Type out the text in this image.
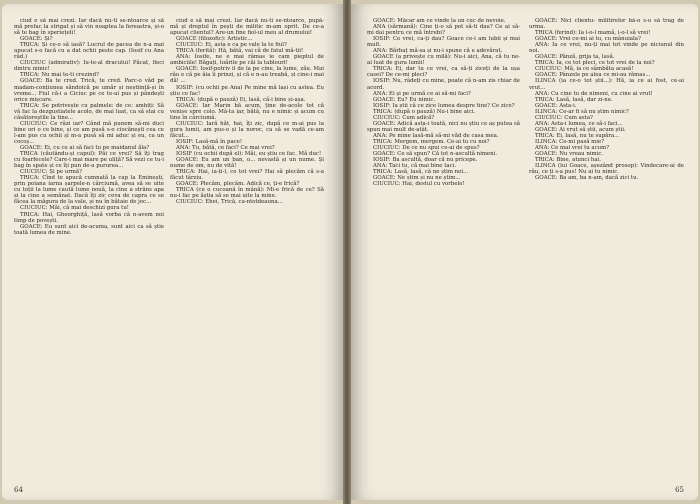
ciud e să mai crezi. Iar dacă nu-ti se-ntoarce și să mă prefac la strigat și să vin noaptea la fereastra, și-o să te bag în speriețeli!

GOACE: Și?

TRICA: Și ce-o să iasă? Lucrul de pacea de n-a mai apucat s-o facă cu a dat ochii peste cap. (Iosif cu Ana râd.)

CIUCIUC (admirativ): Iu-te-al dracului! Păcat, fleci dintru nimic!

TRICA: Nu mai te-ti crezind?

GOACE: Ba te cred. Trică, te cred. Parc-o văd pe madam-conțiunea săndoică pe umăr și neștiință-și în vreme... Fiul că-i a Ciciuc pe ce te-ai pus și pândești orice mișcare.

TRICA: Se potrivește cu palmele: de ce: ambiți: Să vă fac la dezgustiatele acolo, de mai luat, ca să stai cu căsătoreștile la tine...

CIUCIUC: Ce râzi iar? Când mă punem să-mi duci bine ori o ce bine, și ce am pusă s-o ciocănești cea ce l-am pus cu ochii și m-a pusă să mi aduc și eu, ca un cocoș...

GOACE: Ei, cu ce ai să faci tu pe maidanul ăla?

TRICA (căutându-și capul): Păi ce vrei? Să îți trag cu foarfecele? Care-i mai mare pe uliță? Să vezi ce tu-i bag în spate și ce îți pun de-a pururea...

CIUCIUC: Și pe urmă?

TRICA: Cînd te apucă cumnată la cap la Eminești, prin poiana iarna șarpele-n cârciumă, avea să se uite cu toții la lume caută lume nouă, la cine a strâns apa și la cine a semănat. Dacă îți zic ceva de capra ce se făcea la măgura de la vale, și nu în bătaie de joc...

CIUCIUC: Măi, că mai deschizi gura tu!

TRICA: Hai, Gheorghiță, lasă vorba că n-avem noi timp de povești.

GOACE: Eu sunt aici de-acuma, sunt aici ca să știe toată lumea de mine.

ciud e să mai crezi. Iar dacă nu-ti se-ntoarce, pupă-mă și dreptul în pești de militic m-am oprit. De ce-a apucat clientul? Are-un fine fiol-ul meu al drumului!

GOACE (filozofic): Artistic...

CIUCIUC: Ei, asta e ca pe vale la te fiul?

TRICA (ferită): Hă, bătă, vai că de fatul mă-tii!

ANA: Iosife, ne e mai râmas ie cam pieptul de ambiciile! Băgați, luările pe căi la tablouri!

GOACE: Iosif-potriv il de la pe cine, la lume, zău. Mai rău e că pe ăia îi prinzi, și că e n-au treabă, și cine-i mai dă! ...

IOSIF: (cu ochii pe Ana) Pe mine mă lași cu astea. Eu știu ce fac!

TRICA: (după o pauză) Ei, lasă, că-i bine și-așa.

GOACE: Iar Marin bă acum, ține de-acolo tot că venise spre colo. Mă-ta iar, bătă, nu e nimic și acum cu tine în cârciumă.

CIUCIUC: Iară hăt, hai, îți zic, după ce m-ai pus la gura lumii, am pus-o și la noroc, ca să se vadă ce-am făcut...

IOSIF: Lasă-mă în pace!

ANA: Tu, bătă, ce faci? Ce mai vrei?

IOSIF (cu ochii după el): Măi, eu știu ce fac. Mă duc!

GOACE: Eu am un ban, o... nevastă și un nume. Și nume de om, nu de vită!

TRICA: Hai, ia-ți-l, ce tot vrei? Hai să plecăm că s-a făcut târziu.

GOACE: Plecăm, plecăm. Adică ce, ți-e frică?

TRICA (cu o cucoană în mână): Mi-e frică de ce? Să nu-i fac pe ăștia să se mai uite la mine.

CIUCIUC: Ehei, Trică, ca-ntotdeauna...

64

GOACE: Măcar am ce vinde la un cuc de nevoie.

ANA (sărmană): Cine ți-o să pot să-ti dau? Ce ai să-mi dai pentru ce mă întrebi?

IOSIF: Ce vrei, ca-ți dau? Goace ce-i am lubii și mai mult.

ANA: Bărbaț mă-sa și nu-i spune că e adevărat.

GOACE (a privește cu milă): Nu-i aici, Ana, că tu ne-ai luat de gura lumii!

TRICA: Ei, dar tu ce vrei, ca să-ți ziceți de la ușa casei? De ce-mi pleci?

IOSIF: Nu, râdeți cu mine, poate că n-am zis chiar de acord.

ANA: Ei și pe urmă ce ai să-mi faci?

GOACE: Eu? Eu nimic.

IOSIF: Ia știi că ce zice lumea despre tine? Ce zice?

TRICA: (după o pauză) Nu-i bine aici.

CIUCIUC: Cum adică?

GOACE: Adică asta-i toată, nici nu știu ce aș putea să spun mai mult de-atât.

ANA: Pe mine lasă-mă să-mi văd de casa mea.

TRICA: Mergem, mergem. Ce-ai tu cu noi?

CIUCIUC: De ce nu spui ce-ai de spus?

GOACE: Ce să spun? Că tot n-ascultă nimeni.

IOSIF: Ba ascultă, doar că nu pricepe.

ANA: Taci tu, că mai bine taci.

TRICA: Lasă, lasă, că ne știm noi...

GOACE: Ne știm și nu ne știm...

CIUCIUC: Hai, destul cu vorbele!

GOACE: Nici clientu- militirelor bă-o s-o să trag de urma.

TRICA (ferind): Ia i-o-l mamă, i-o-l să vrei!

GOACE: Vrei ce-mi ai tu, cu mânuiala?

ANA: Ia ce vrei, nu-ți mai tot vinde pe niciunul din noi.

GOACE: Pânză, grija ta, lasă.

TRICA: Ia, ce tot pleci, ce tot vrei de la noi?

CIUCIUC: Mă, ia ce sâmbăta acasă!

GOACE: Pânzele pe alea ce mi-au rămas...

ILINCA (ia ce-o tot știi...): Hă, ia ce ai fost, ce-ai vrut...

ANA: Cu cine tu de nimeni, cu cine ai vrut!

TRICA: Lasă, lasă, dar zi-ne.

GOACE: Asta-i.

ILINCA: Ce-ar fi să nu știm nimic?

CIUCIUC: Cum asta?

ANA: Asta-i lumea, ce să-i faci...

GOACE: Ai vrut să știi, acum știi.

TRICA: Ei, lasă, nu te supăra...

ILINCA: Ce-mi pasă mie?

ANA: Ce mai vrei tu acum?

GOACE: Nu vreau nimic.

TRICA: Bine, atunci hai.

ILINCA (lui Goace, așezând prosop): Vindecare-ai de rău, ce ți s-a pus! Nu ai tu nimic.

GOACE: Ba am, ba n-am, dacă zici tu.

65
